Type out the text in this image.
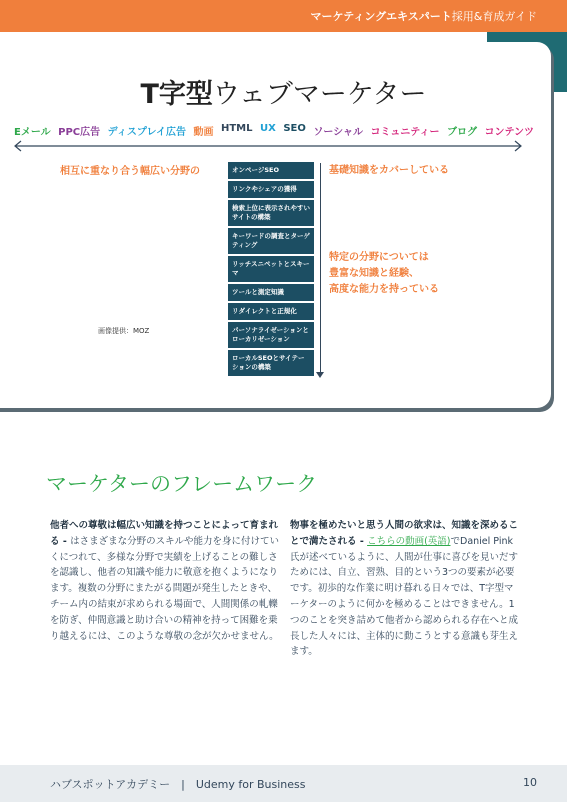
マーケティングエキスパート採用&育成ガイド
T字型ウェブマーケター
Eメール PPC広告 ディスプレイ広告 動画 HTML UX SEO ソーシャル コミュニティー ブログ コンテンツ
相互に重なり合う幅広い分野の	基礎知識をカバーしている
特定の分野については
豊富な知識と経験、
高度な能力を持っている
オンページSEO
リンクやシェアの獲得
検索上位に表示されやすいサイトの構築
キーワードの調査とターゲティング
リッチスニペットとスキーマ
ツールと測定知識
リダイレクトと正規化
パーソナライゼーションとローカリゼーション
ローカルSEOとサイテーションの構築
画像提供：MOZ
マーケターのフレームワーク
他者への尊敬は幅広い知識を持つことによって育まれる - はさまざまな分野のスキルや能力を身に付けていくにつれて、多様な分野で実績を上げることの難しさを認識し、他者の知識や能力に敬意を抱くようになります。複数の分野にまたがる問題が発生したときや、チーム内の結束が求められる場面で、人間関係の軋轢を防ぎ、仲間意識と助け合いの精神を持って困難を乗り越えるには、このような尊敬の念が欠かせません。
物事を極めたいと思う人間の欲求は、知識を深めることで満たされる - こちらの動画(英語)でDaniel Pink氏が述べているように、人間が仕事に喜びを見いだすためには、自立、習熟、目的という3つの要素が必要です。初歩的な作業に明け暮れる日々では、T字型マーケターのように何かを極めることはできません。1つのことを突き詰めて他者から認められる存在へと成長した人々には、主体的に動こうとする意識も芽生えます。
ハブスポットアカデミー　|　Udemy for Business	10
